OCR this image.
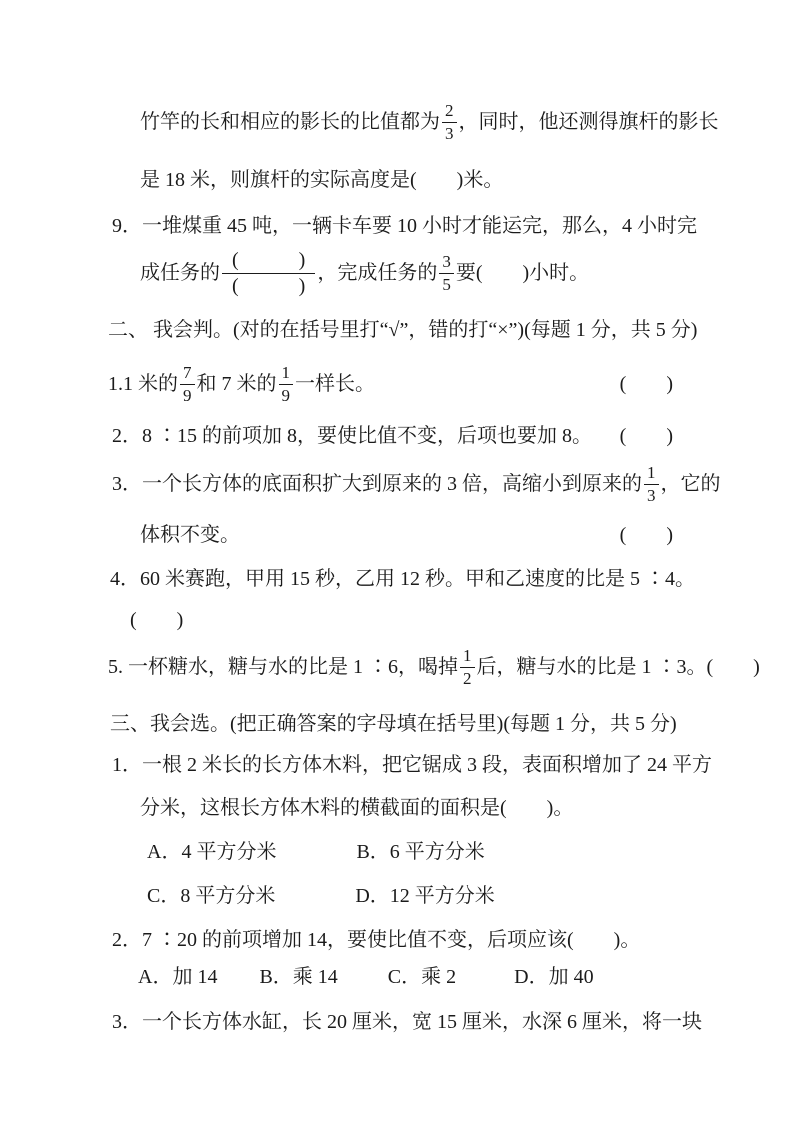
竹竿的长和相应的影长的比值都为 $\frac{2}{3}$ ，同时，他还测得旗杆的影长
是 18 米，则旗杆的实际高度是(　　)米。
9．一堆煤重 45 吨，一辆卡车要 10 小时才能运完，那么，4 小时完
成任务的 $\frac{( )}{( )}$ ，完成任务的 $\frac{3}{5}$ 要(　　)小时。
二、 我会判。(对的在括号里打“√”，错的打“×”)(每题 1 分，共 5 分)
1.1 米的 $\frac{7}{9}$ 和 7 米的 $\frac{1}{9}$ 一样长。	(　　)
2．8 ∶15 的前项加 8，要使比值不变，后项也要加 8。 (　　)
3．一个长方体的底面积扩大到原来的 3 倍，高缩小到原来的 $\frac{1}{3}$ ，它的
体积不变。	(　　)
4．60 米赛跑，甲用 15 秒，乙用 12 秒。甲和乙速度的比是 5 ∶4。
(　　)
5. 一杯糖水，糖与水的比是 1 ∶6，喝掉 $\frac{1}{2}$ 后，糖与水的比是 1 ∶3。(　　)
三、我会选。(把正确答案的字母填在括号里)(每题 1 分，共 5 分)
1．一根 2 米长的长方体木料，把它锯成 3 段，表面积增加了 24 平方
分米，这根长方体木料的横截面的面积是(　　)。
A．4 平方分米	B．6 平方分米
C．8 平方分米	D．12 平方分米
2．7 ∶20 的前项增加 14，要使比值不变，后项应该(　　)。
A．加 14 B．乘 14	C．乘 2	D．加 40
3．一个长方体水缸，长 20 厘米，宽 15 厘米，水深 6 厘米，将一块
